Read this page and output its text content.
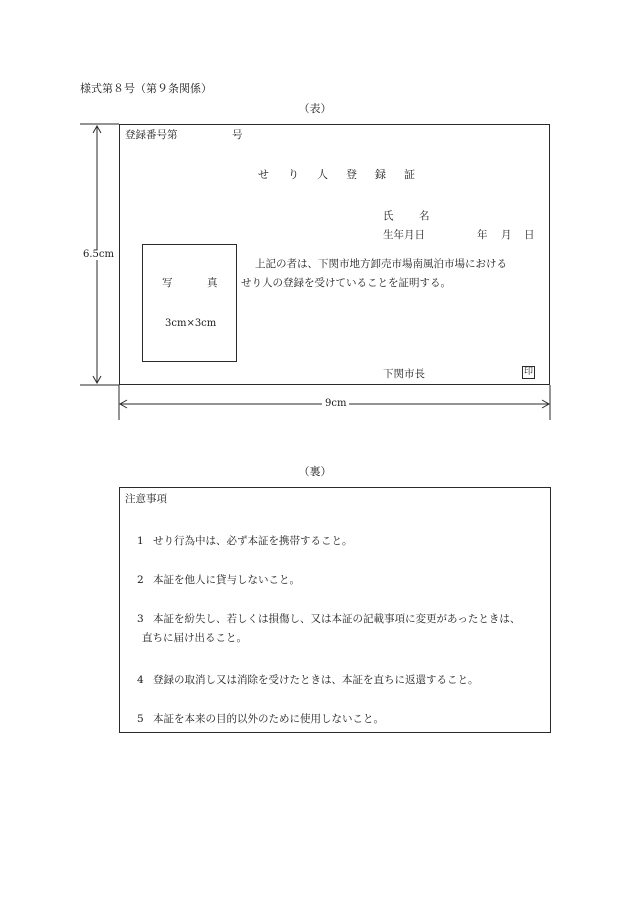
様式第８号（第９条関係）
（表）
6.5cm
9cm
登録番号第	号
せ り 人 登 録 証
氏 名
生年月日	年 月 日
写	真
3cm×3cm
上記の者は、下関市地方卸売市場南風泊市場における
せり人の登録を受けていることを証明する。
下関市長	印
（裏）
注意事項
1 せり行為中は、必ず本証を携帯すること。
2 本証を他人に貸与しないこと。
3 本証を紛失し、若しくは損傷し、又は本証の記載事項に変更があったときは、
直ちに届け出ること。
4 登録の取消し又は消除を受けたときは、本証を直ちに返還すること。
5 本証を本来の目的以外のために使用しないこと。
